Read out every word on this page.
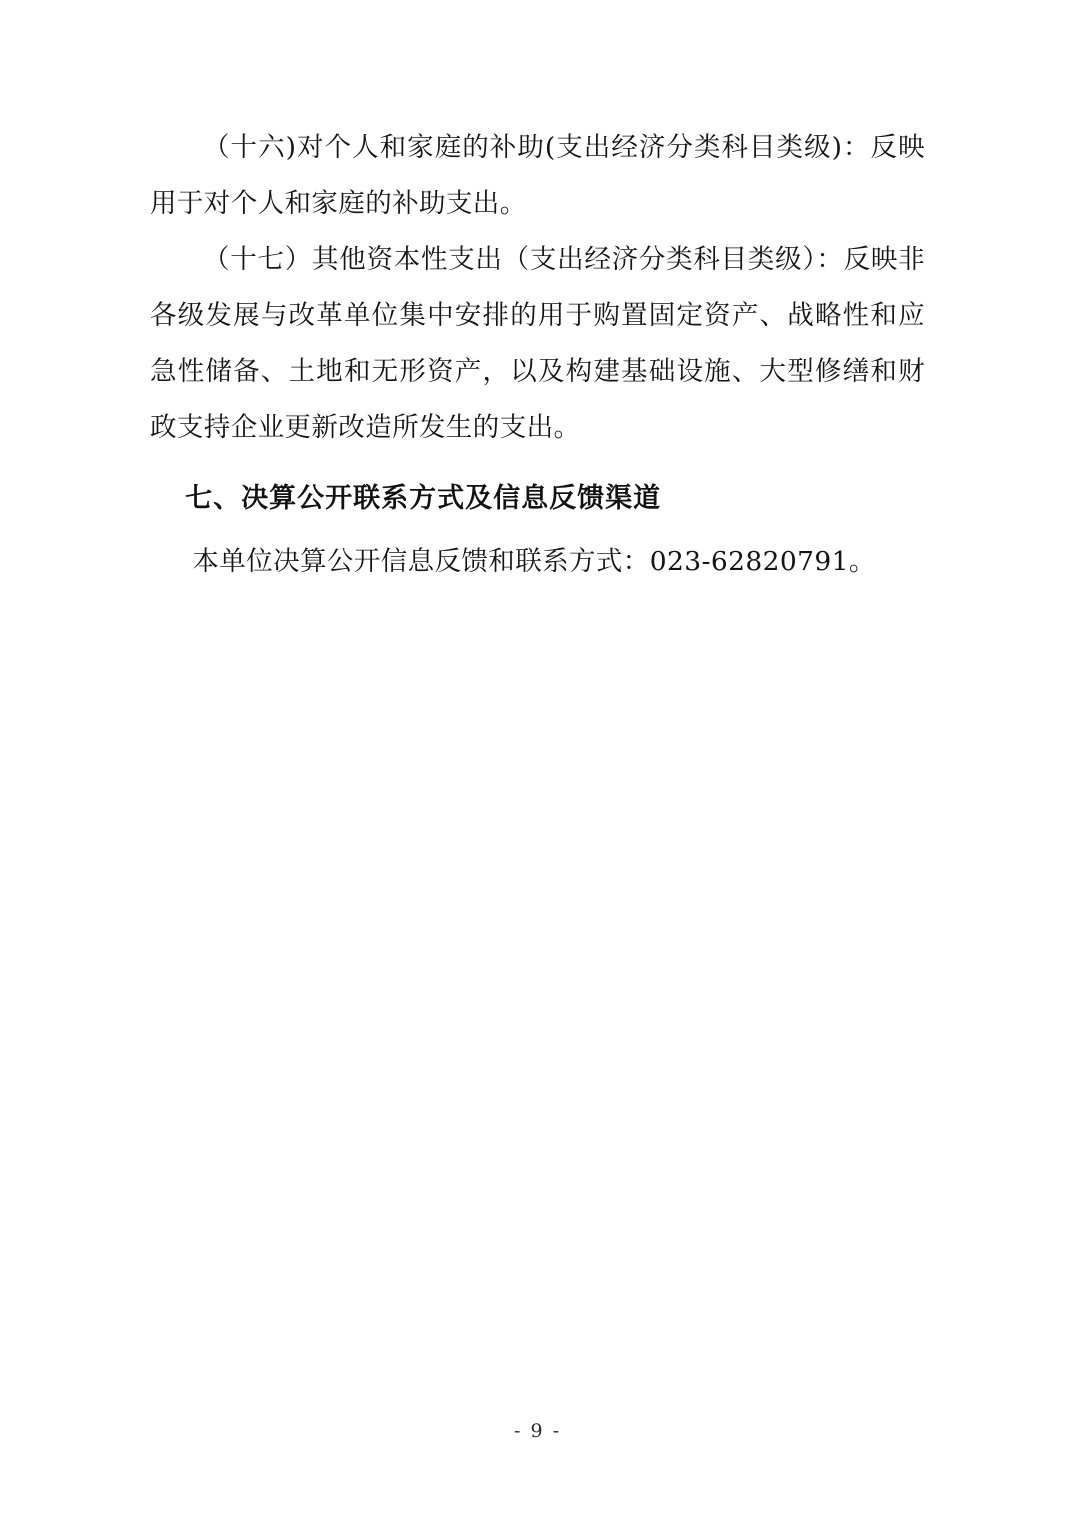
（十六)对个人和家庭的补助(支出经济分类科目类级)：反映用于对个人和家庭的补助支出。

（十七）其他资本性支出（支出经济分类科目类级）：反映非各级发展与改革单位集中安排的用于购置固定资产、战略性和应急性储备、土地和无形资产，以及构建基础设施、大型修缮和财政支持企业更新改造所发生的支出。

七、决算公开联系方式及信息反馈渠道

本单位决算公开信息反馈和联系方式：023-62820791。

- 9 -
